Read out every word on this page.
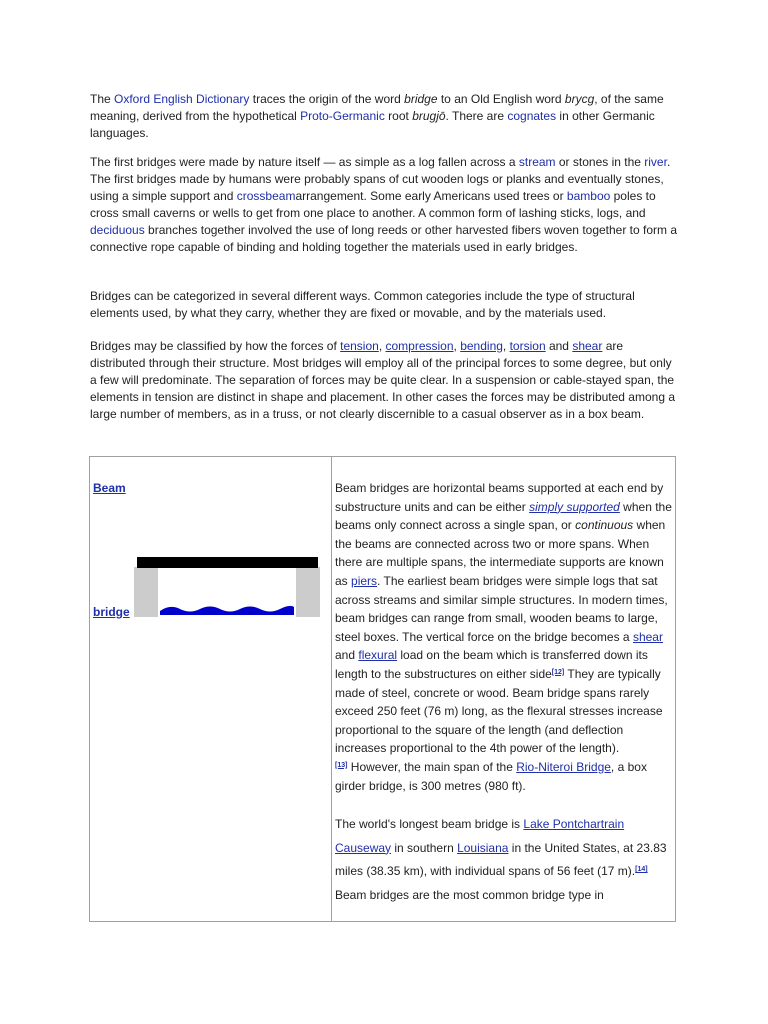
The Oxford English Dictionary traces the origin of the word bridge to an Old English word brycg, of the same meaning, derived from the hypothetical Proto-Germanic root brugjō. There are cognates in other Germanic languages.

The first bridges were made by nature itself — as simple as a log fallen across a stream or stones in the river. The first bridges made by humans were probably spans of cut wooden logs or planks and eventually stones, using a simple support and crossbeamarrangement. Some early Americans used trees or bamboo poles to cross small caverns or wells to get from one place to another. A common form of lashing sticks, logs, and deciduous branches together involved the use of long reeds or other harvested fibers woven together to form a connective rope capable of binding and holding together the materials used in early bridges.

Bridges can be categorized in several different ways. Common categories include the type of structural elements used, by what they carry, whether they are fixed or movable, and by the materials used.

Bridges may be classified by how the forces of tension, compression, bending, torsion and shear are distributed through their structure. Most bridges will employ all of the principal forces to some degree, but only a few will predominate. The separation of forces may be quite clear. In a suspension or cable-stayed span, the elements in tension are distinct in shape and placement. In other cases the forces may be distributed among a large number of members, as in a truss, or not clearly discernible to a casual observer as in a box beam.

Beam
bridge

Beam bridges are horizontal beams supported at each end by substructure units and can be either simply supported when the beams only connect across a single span, or continuous when the beams are connected across two or more spans. When there are multiple spans, the intermediate supports are known as piers. The earliest beam bridges were simple logs that sat across streams and similar simple structures. In modern times, beam bridges can range from small, wooden beams to large, steel boxes. The vertical force on the bridge becomes a shear and flexural load on the beam which is transferred down its length to the substructures on either side[12] They are typically made of steel, concrete or wood. Beam bridge spans rarely exceed 250 feet (76 m) long, as the flexural stresses increase proportional to the square of the length (and deflection increases proportional to the 4th power of the length).
[13] However, the main span of the Rio-Niteroi Bridge, a box girder bridge, is 300 metres (980 ft).

The world's longest beam bridge is Lake Pontchartrain Causeway in southern Louisiana in the United States, at 23.83 miles (38.35 km), with individual spans of 56 feet (17 m).[14] Beam bridges are the most common bridge type in
